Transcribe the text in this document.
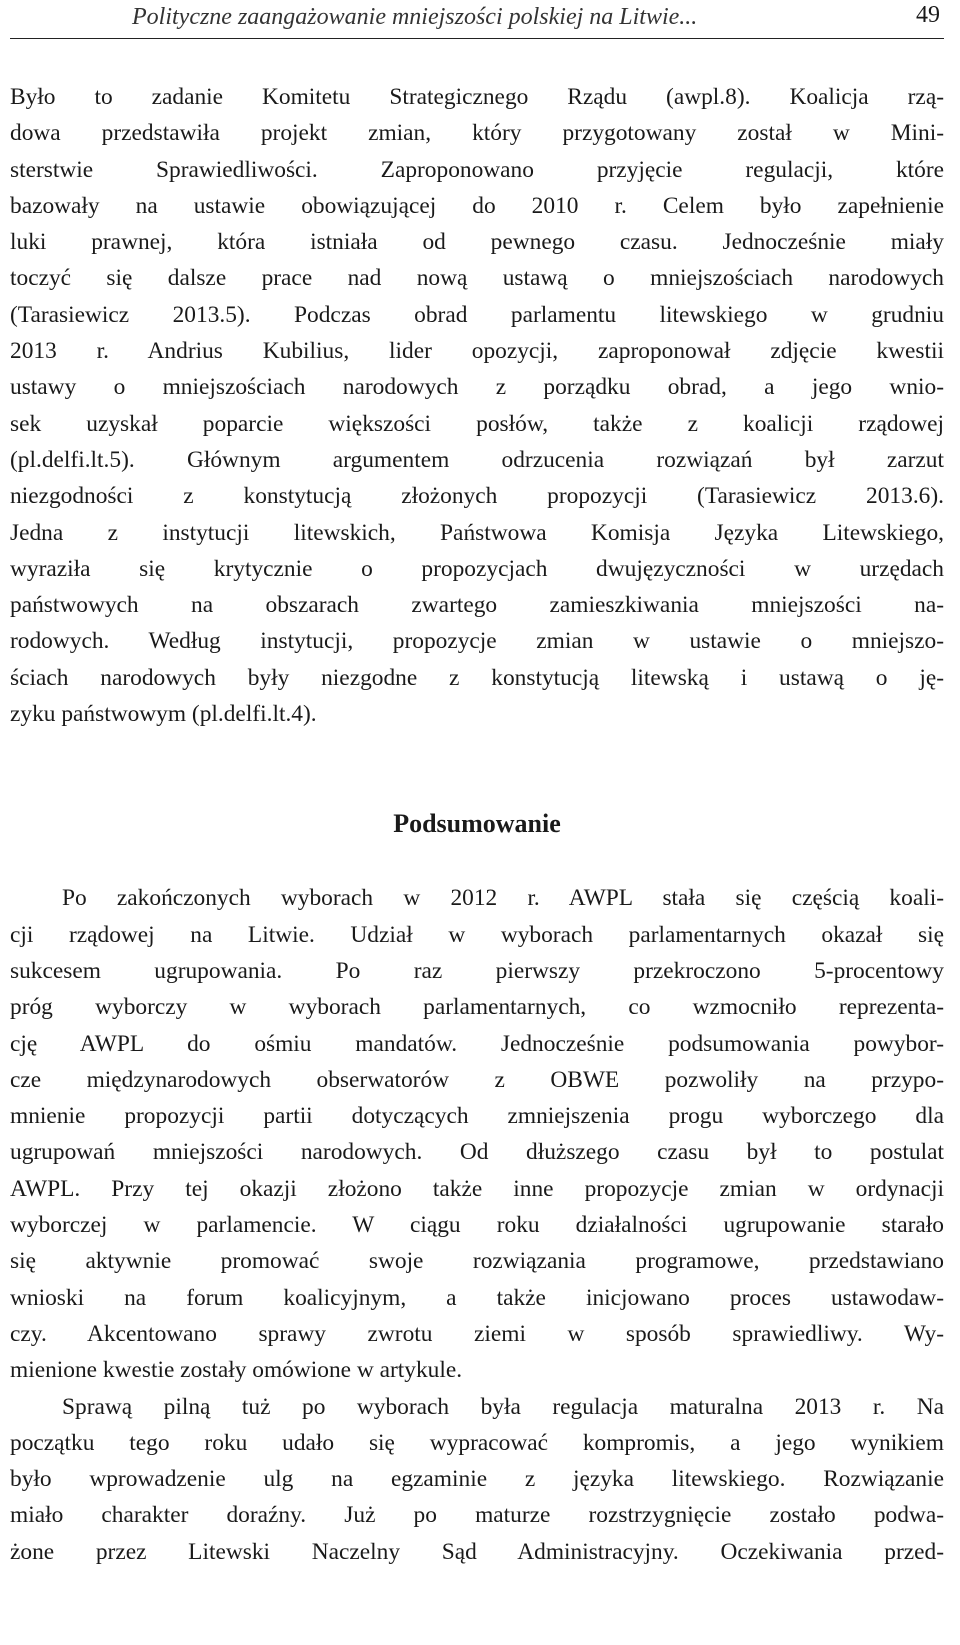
Polityczne zaangażowanie mniejszości polskiej na Litwie...	49
Było to zadanie Komitetu Strategicznego Rządu (awpl.8). Koalicja rzą-
dowa przedstawiła projekt zmian, który przygotowany został w Mini-
sterstwie Sprawiedliwości. Zaproponowano przyjęcie regulacji, które
bazowały na ustawie obowiązującej do 2010 r. Celem było zapełnienie
luki prawnej, która istniała od pewnego czasu. Jednocześnie miały
toczyć się dalsze prace nad nową ustawą o mniejszościach narodowych
(Tarasiewicz 2013.5). Podczas obrad parlamentu litewskiego w grudniu
2013 r. Andrius Kubilius, lider opozycji, zaproponował zdjęcie kwestii
ustawy o mniejszościach narodowych z porządku obrad, a jego wnio-
sek uzyskał poparcie większości posłów, także z koalicji rządowej
(pl.delfi.lt.5). Głównym argumentem odrzucenia rozwiązań był zarzut
niezgodności z konstytucją złożonych propozycji (Tarasiewicz 2013.6).
Jedna z instytucji litewskich, Państwowa Komisja Języka Litewskiego,
wyraziła się krytycznie o propozycjach dwujęzyczności w urzędach
państwowych na obszarach zwartego zamieszkiwania mniejszości na-
rodowych. Według instytucji, propozycje zmian w ustawie o mniejszo-
ściach narodowych były niezgodne z konstytucją litewską i ustawą o ję-
zyku państwowym (pl.delfi.lt.4).
Podsumowanie
Po zakończonych wyborach w 2012 r. AWPL stała się częścią koali-
cji rządowej na Litwie. Udział w wyborach parlamentarnych okazał się
sukcesem ugrupowania. Po raz pierwszy przekroczono 5-procentowy
próg wyborczy w wyborach parlamentarnych, co wzmocniło reprezenta-
cję AWPL do ośmiu mandatów. Jednocześnie podsumowania powybor-
cze międzynarodowych obserwatorów z OBWE pozwoliły na przypo-
mnienie propozycji partii dotyczących zmniejszenia progu wyborczego dla
ugrupowań mniejszości narodowych. Od dłuższego czasu był to postulat
AWPL. Przy tej okazji złożono także inne propozycje zmian w ordynacji
wyborczej w parlamencie. W ciągu roku działalności ugrupowanie starało
się aktywnie promować swoje rozwiązania programowe, przedstawiano
wnioski na forum koalicyjnym, a także inicjowano proces ustawodaw-
czy. Akcentowano sprawy zwrotu ziemi w sposób sprawiedliwy. Wy-
mienione kwestie zostały omówione w artykule.
Sprawą pilną tuż po wyborach była regulacja maturalna 2013 r. Na
początku tego roku udało się wypracować kompromis, a jego wynikiem
było wprowadzenie ulg na egzaminie z języka litewskiego. Rozwiązanie
miało charakter doraźny. Już po maturze rozstrzygnięcie zostało podwa-
żone przez Litewski Naczelny Sąd Administracyjny. Oczekiwania przed-
